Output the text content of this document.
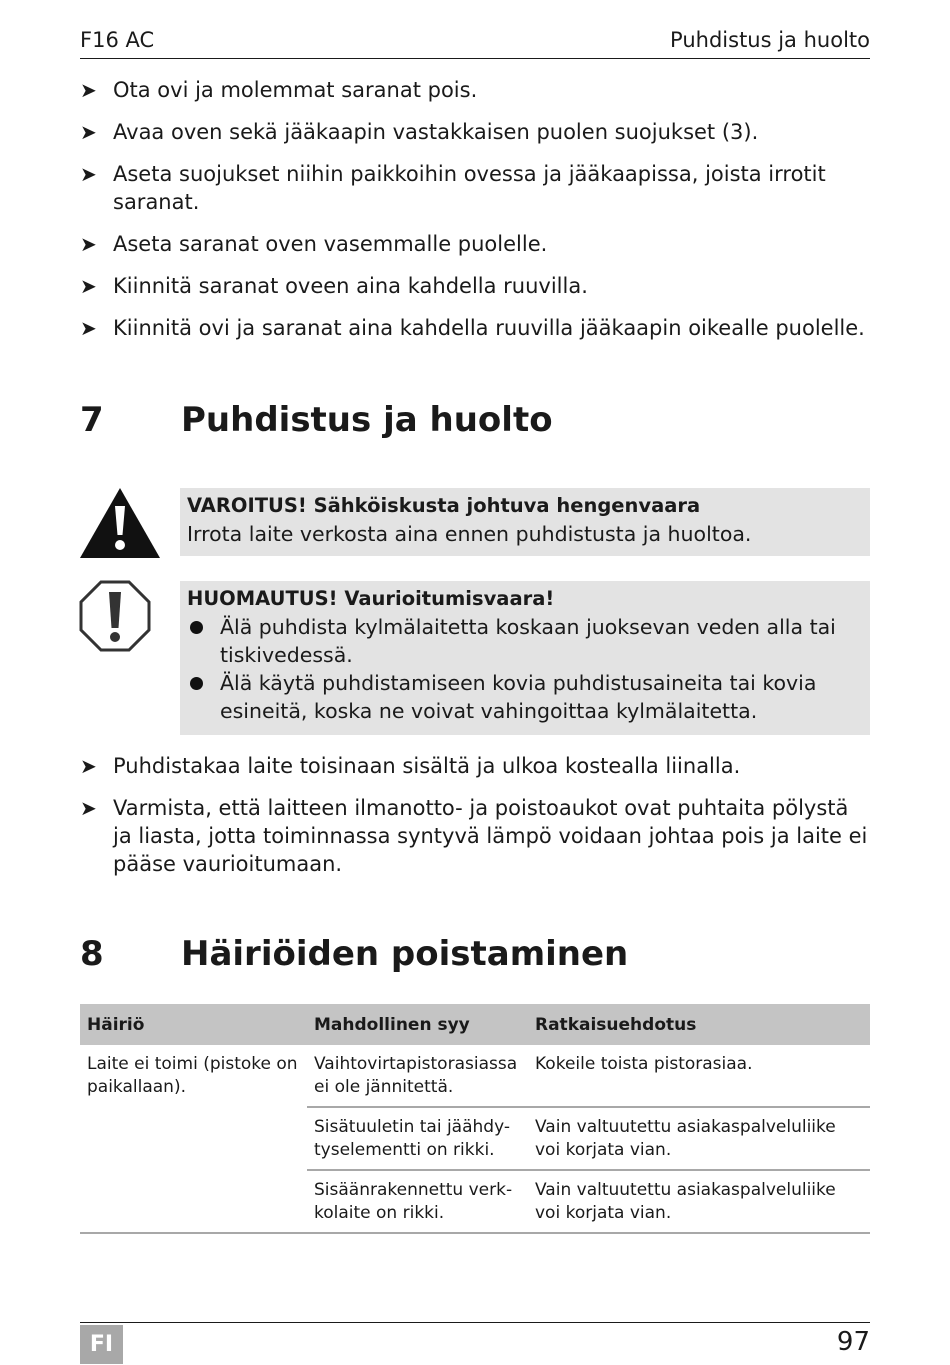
F16 AC	Puhdistus ja huolto
➤ Ota ovi ja molemmat saranat pois.
➤ Avaa oven sekä jääkaapin vastakkaisen puolen suojukset (3).
➤ Aseta suojukset niihin paikkoihin ovessa ja jääkaapissa, joista irrotit saranat.
➤ Aseta saranat oven vasemmalle puolelle.
➤ Kiinnitä saranat oveen aina kahdella ruuvilla.
➤ Kiinnitä ovi ja saranat aina kahdella ruuvilla jääkaapin oikealle puolelle.
7 Puhdistus ja huolto
VAROITUS! Sähköiskusta johtuva hengenvaara
Irrota laite verkosta aina ennen puhdistusta ja huoltoa.
HUOMAUTUS! Vaurioitumisvaara!
Älä puhdista kylmälaitetta koskaan juoksevan veden alla tai tiskivedessä.
Älä käytä puhdistamiseen kovia puhdistusaineita tai kovia esineitä, koska ne voivat vahingoittaa kylmälaitetta.
➤ Puhdistakaa laite toisinaan sisältä ja ulkoa kostealla liinalla.
➤ Varmista, että laitteen ilmanotto- ja poistoaukot ovat puhtaita pölystä ja liasta, jotta toiminnassa syntyvä lämpö voidaan johtaa pois ja laite ei pääse vaurioitumaan.
8 Häiriöiden poistaminen
Häiriö	Mahdollinen syy	Ratkaisuehdotus
Laite ei toimi (pistoke on paikallaan).	Vaihtovirtapistorasiassa ei ole jännitettä.	Kokeile toista pistorasiaa.
	Sisätuuletin tai jäähdy-tyselementti on rikki.	Vain valtuutettu asiakaspalveluliike voi korjata vian.
	Sisäänrakennettu verk-kolaite on rikki.	Vain valtuutettu asiakaspalveluliike voi korjata vian.
FI	97
